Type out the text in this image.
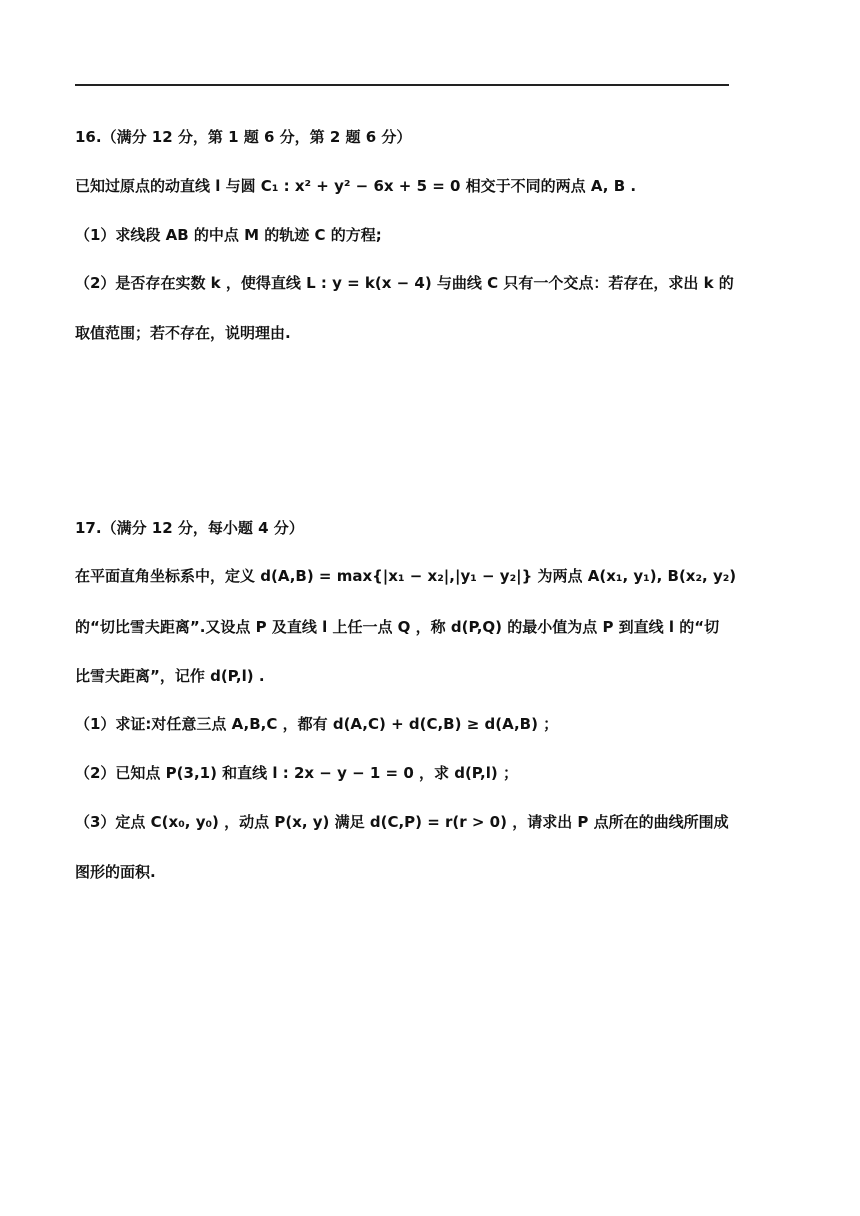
16.（满分 12 分，第 1 题 6 分，第 2 题 6 分）
已知过原点的动直线 l 与圆 C₁ : x² + y² − 6x + 5 = 0 相交于不同的两点 A, B .
（1）求线段 AB 的中点 M 的轨迹 C 的方程;
（2）是否存在实数 k ，使得直线 L : y = k(x − 4) 与曲线 C 只有一个交点：若存在，求出 k 的
取值范围；若不存在，说明理由.
17.（满分 12 分，每小题 4 分）
在平面直角坐标系中，定义 d(A,B) = max{|x₁ − x₂|,|y₁ − y₂|} 为两点 A(x₁, y₁), B(x₂, y₂)
的“切比雪夫距离”.又设点 P 及直线 l 上任一点 Q ，称 d(P,Q) 的最小值为点 P 到直线 l 的“切
比雪夫距离”，记作 d(P,l) .
（1）求证:对任意三点 A,B,C ，都有 d(A,C) + d(C,B) ≥ d(A,B) ；
（2）已知点 P(3,1) 和直线 l : 2x − y − 1 = 0 ，求 d(P,l) ；
（3）定点 C(x₀, y₀) ，动点 P(x, y) 满足 d(C,P) = r(r > 0) ，请求出 P 点所在的曲线所围成
图形的面积.
